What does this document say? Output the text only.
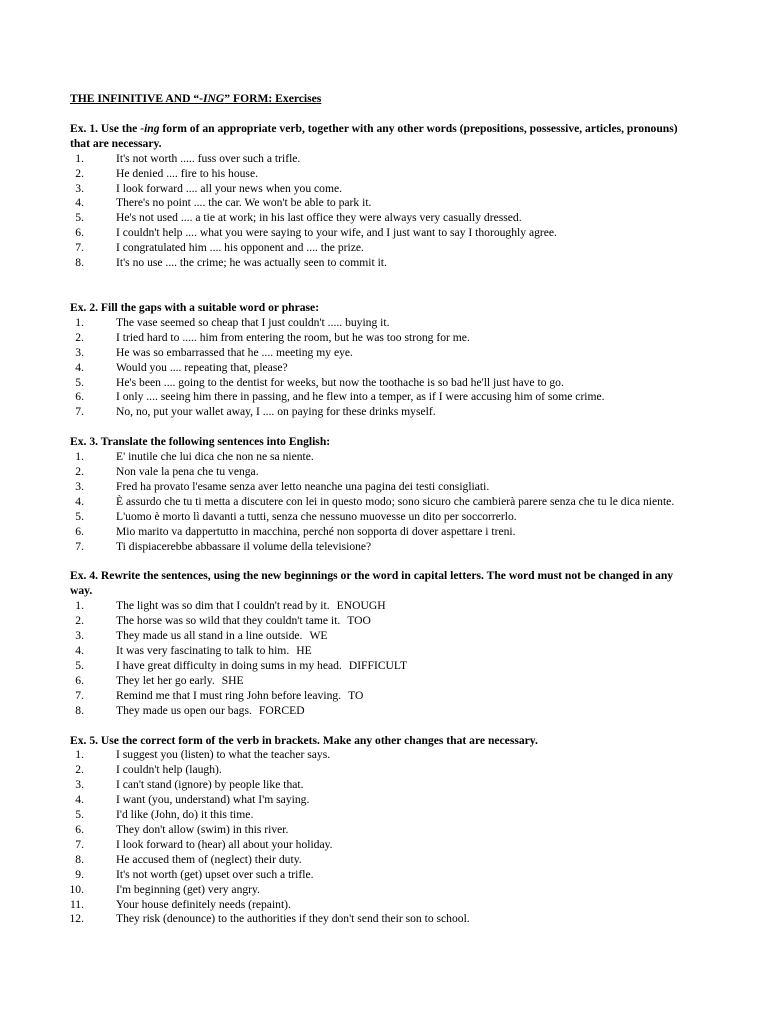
THE INFINITIVE AND “-ING” FORM: Exercises

Ex. 1. Use the -ing form of an appropriate verb, together with any other words (prepositions, possessive, articles, pronouns) that are necessary.

1.	It's not worth ..... fuss over such a trifle.

2.	He denied .... fire to his house.

3.	I look forward .... all your news when you come.

4.	There's no point .... the car. We won't be able to park it.

5.	He's not used .... a tie at work; in his last office they were always very casually dressed.

6.	I couldn't help .... what you were saying to your wife, and I just want to say I thoroughly agree.

7.	I congratulated him .... his opponent and .... the prize.

8.	It's no use .... the crime; he was actually seen to commit it.

Ex. 2. Fill the gaps with a suitable word or phrase:

1.	The vase seemed so cheap that I just couldn't ..... buying it.

2.	I tried hard to ..... him from entering the room, but he was too strong for me.

3.	He was so embarrassed that he .... meeting my eye.

4.	Would you .... repeating that, please?

5.	He's been .... going to the dentist for weeks, but now the toothache is so bad he'll just have to go.

6.	I only .... seeing him there in passing, and he flew into a temper, as if I were accusing him of some crime.

7.	No, no, put your wallet away, I .... on paying for these drinks myself.

Ex. 3. Translate the following sentences into English:

1.	E' inutile che lui dica che non ne sa niente.

2.	Non vale la pena che tu venga.

3.	Fred ha provato l'esame senza aver letto neanche una pagina dei testi consigliati.

4.	È assurdo che tu ti metta a discutere con lei in questo modo; sono sicuro che cambierà parere senza che tu le dica niente.

5.	L'uomo è morto lì davanti a tutti, senza che nessuno muovesse un dito per soccorrerlo.

6.	Mio marito va dappertutto in macchina, perché non sopporta di dover aspettare i treni.

7.	Ti dispiacerebbe abbassare il volume della televisione?

Ex. 4. Rewrite the sentences, using the new beginnings or the word in capital letters. The word must not be changed in any way.

1.	The light was so dim that I couldn't read by it. ENOUGH

2.	The horse was so wild that they couldn't tame it. TOO

3.	They made us all stand in a line outside. WE

4.	It was very fascinating to talk to him. HE

5.	I have great difficulty in doing sums in my head. DIFFICULT

6.	They let her go early. SHE

7.	Remind me that I must ring John before leaving. TO

8.	They made us open our bags. FORCED

Ex. 5. Use the correct form of the verb in brackets. Make any other changes that are necessary.

1.	I suggest you (listen) to what the teacher says.

2.	I couldn't help (laugh).

3.	I can't stand (ignore) by people like that.

4.	I want (you, understand) what I'm saying.

5.	I'd like (John, do) it this time.

6.	They don't allow (swim) in this river.

7.	I look forward to (hear) all about your holiday.

8.	He accused them of (neglect) their duty.

9.	It's not worth (get) upset over such a trifle.

10.	I'm beginning (get) very angry.

11.	Your house definitely needs (repaint).

12.	They risk (denounce) to the authorities if they don't send their son to school.
